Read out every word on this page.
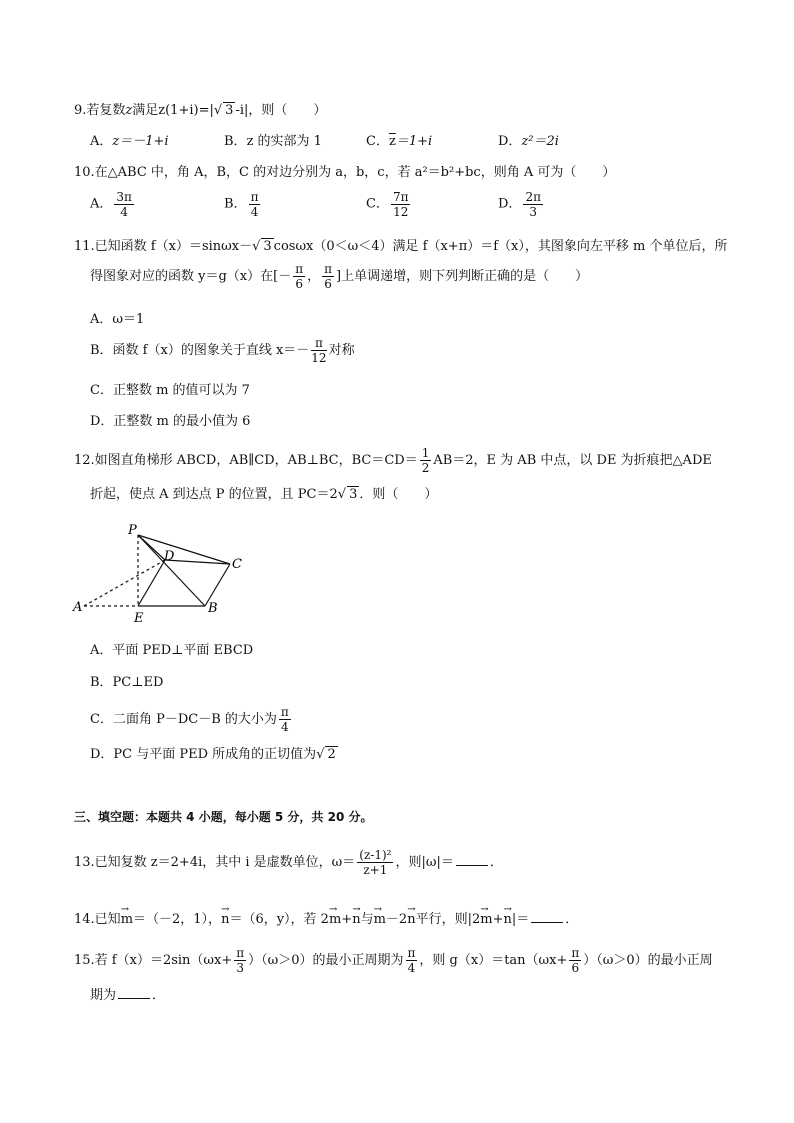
9.若复数z满足z(1+i)=|√ 3 -i|，则（　　）
A．z＝－1+i	B．z 的实部为 1	C．$\overline{z}=1+i$	D．z²＝2i
10.在△ABC 中，角 A，B，C 的对边分别为 a，b，c，若 a²＝b²+bc，则角 A 可为（　　）
A． $\frac{3\pi}{4}$	B． $\frac{\pi}{4}$	C． $\frac{7\pi}{12}$	D． $\frac{2\pi}{3}$
11.已知函数 f（x）＝sinωx－√ 3 cosωx（0＜ω＜4）满足 f（x+π）＝f（x），其图象向左平移 m 个单位后，所
得图象对应的函数 y＝g（x）在[－ $\frac{\pi}{6}$ ， $\frac{\pi}{6}$ ]上单调递增，则下列判断正确的是（　　）
A．ω＝1
B．函数 f（x）的图象关于直线 $x=- \frac{\pi}{12}$ 对称
C．正整数 m 的值可以为 7
D．正整数 m 的最小值为 6
12.如图直角梯形 ABCD，AB∥CD，AB⊥BC，$BC=CD= \frac{1}{2} AB=2$，E 为 AB 中点，以 DE 为折痕把△ADE
折起，使点 A 到达点 P 的位置，且 PC＝2√ 3 ．则（　　）
P
D
C
A
E
B
A．平面 PED⊥平面 EBCD
B．PC⊥ED
C．二面角 P－DC－B 的大小为 $\frac{\pi}{4}$
D．PC 与平面 PED 所成角的正切值为√ 2
三、填空题：本题共 4 小题，每小题 5 分，共 20 分。
13.已知复数 z＝2+4i，其中 i 是虚数单位，$\omega= \frac{\text{(z-1)²}}{z+1}$ ，则|ω|＝	．
14.已知→ m＝（－2，1），→ n＝（6，y），若 2→ m+→ n与→ m－2→ n平行，则|2→ m+→ n|＝	．
15.若 $f(x)=2\sin(\omega x+ \frac{\pi}{3} )(\omega>0)$的最小正周期为 $\frac{\pi}{4}$ ，则 $g(x)=\tan(\omega x+ \frac{\pi}{6} )(\omega>0)$的最小正周
期为	．
